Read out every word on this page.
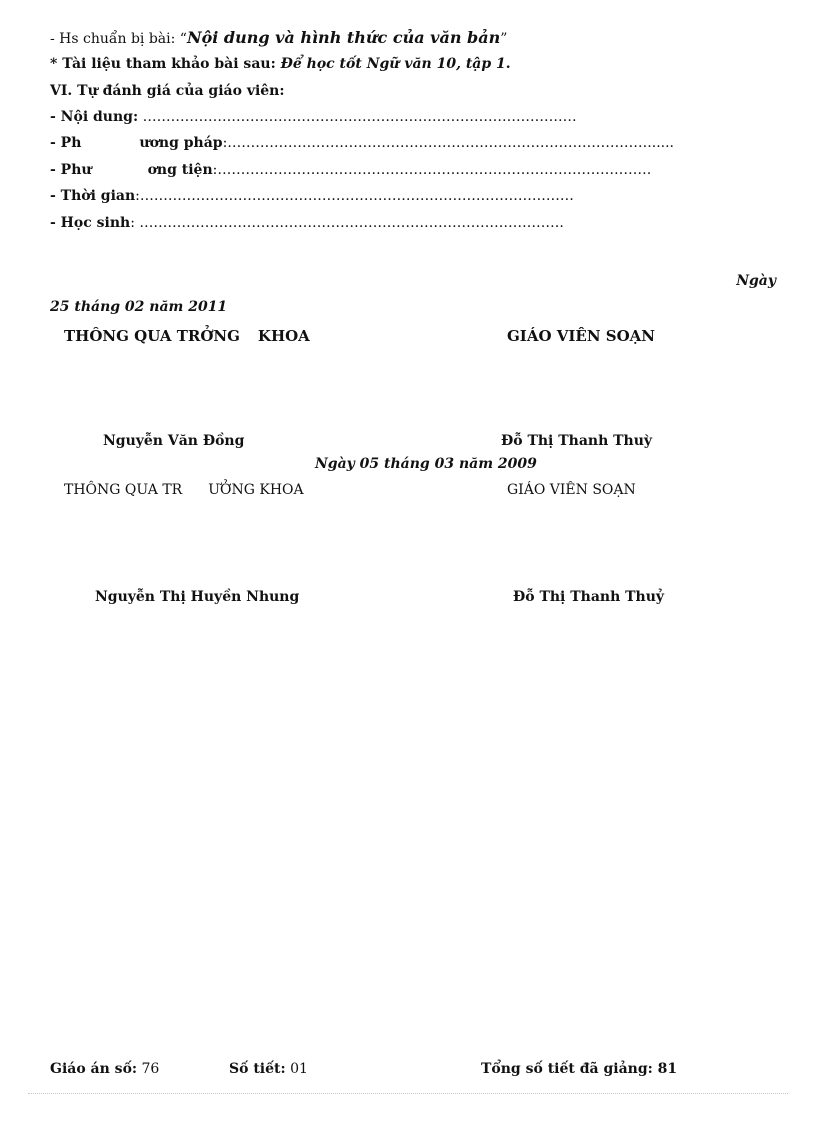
- Hs chuẩn bị bài: “Nội dung và hình thức của văn bản”
* Tài liệu tham khảo bài sau: Để học tốt Ngữ văn 10, tập 1.
VI. Tự đánh giá của giáo viên:
- Nội dung: …………………………………………………………………………………
- Ph	ương pháp:………………………………………………………………………………......
- Phư	ơng tiện:…………………………………………………………………………………
- Thời gian:…………………………………………………………………………………
- Học sinh: ……………………………………………………………………………….
Ngày
25 tháng 02 năm 2011
THÔNG QUA TRỞNG KHOA	GIÁO VIÊN SOẠN
Nguyễn Văn Đồng	Đỗ Thị Thanh Thuỳ
Ngày 05 tháng 03 năm 2009
THÔNG QUA TR ƯỞNG KHOA	GIÁO VIÊN SOẠN
Nguyễn Thị Huyền Nhung	Đỗ Thị Thanh Thuỷ
Giáo án số: 76	Số tiết: 01	Tổng số tiết đã giảng: 81
